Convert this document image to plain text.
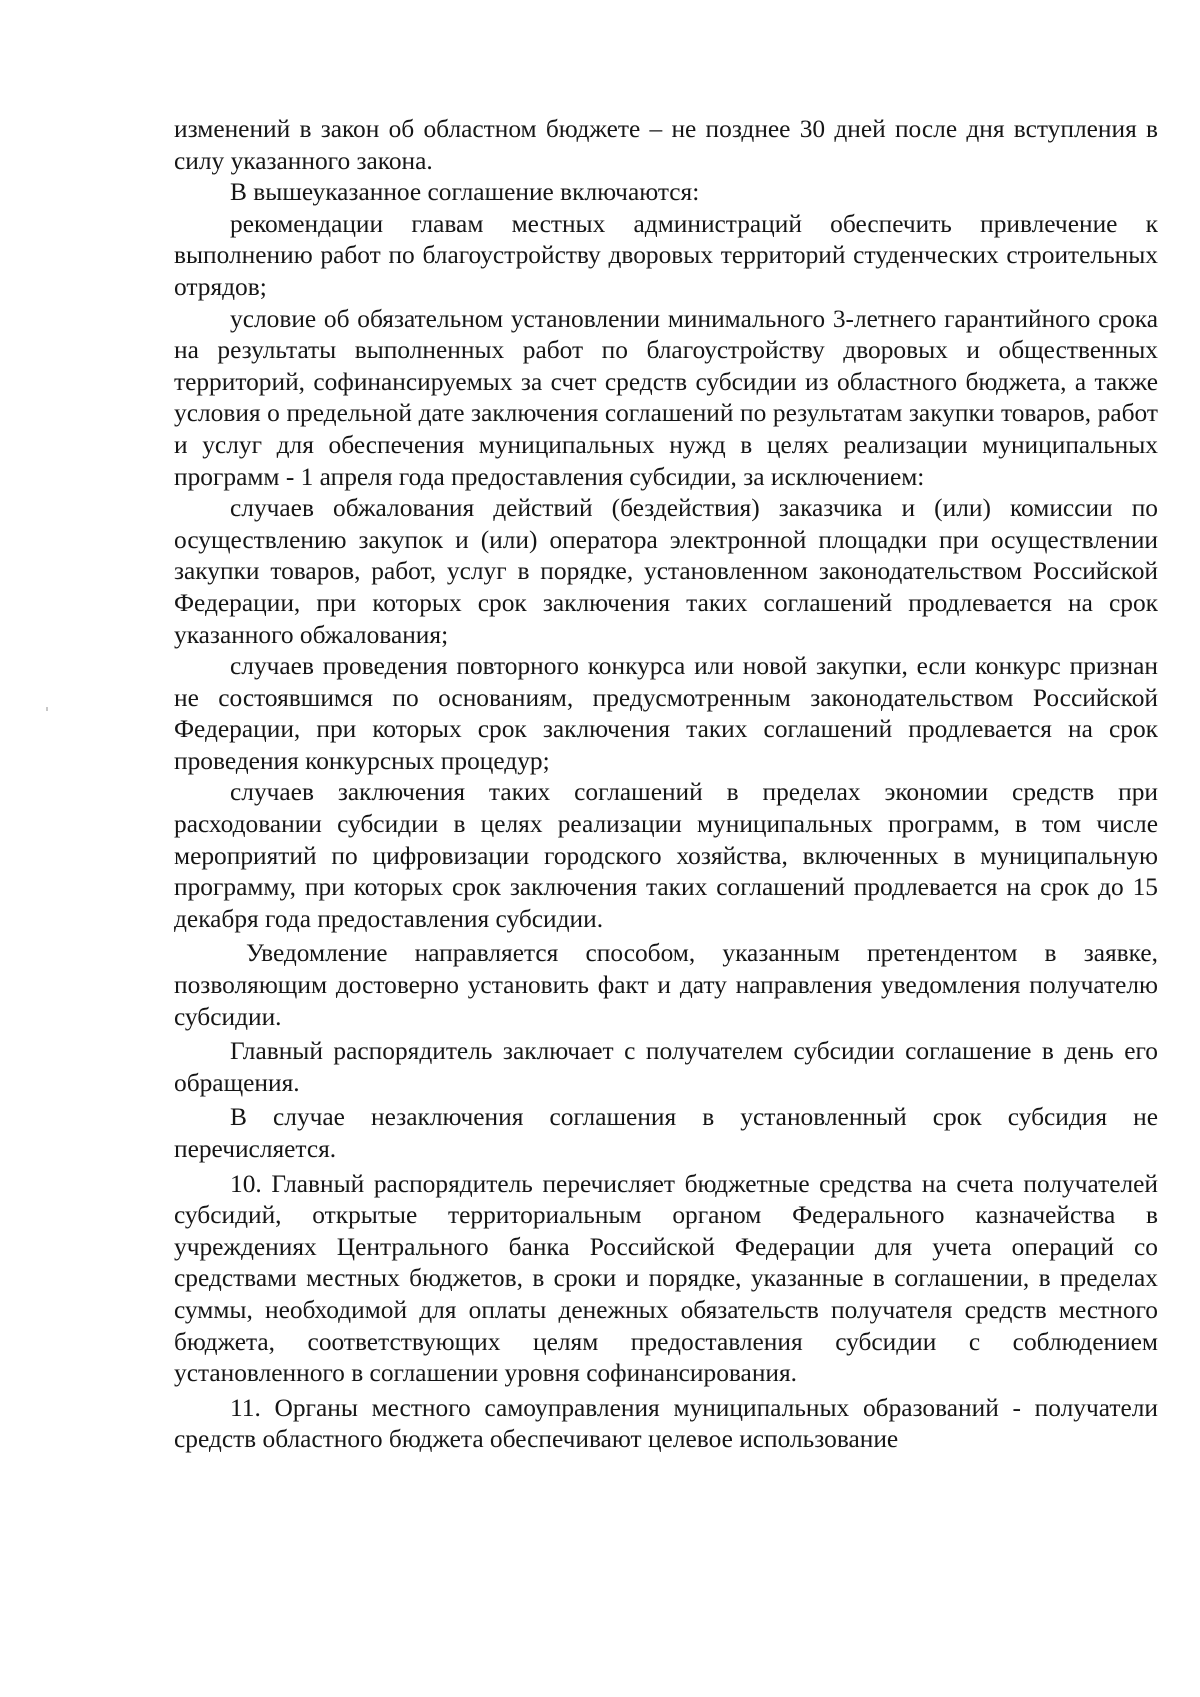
изменений в закон об областном бюджете – не позднее 30 дней после дня вступления в силу указанного закона.

В вышеуказанное соглашение включаются:

рекомендации главам местных администраций обеспечить привлечение к выполнению работ по благоустройству дворовых территорий студенческих строительных отрядов;

условие об обязательном установлении минимального 3-летнего гарантийного срока на результаты выполненных работ по благоустройству дворовых и общественных территорий, софинансируемых за счет средств субсидии из областного бюджета, а также условия о предельной дате заключения соглашений по результатам закупки товаров, работ и услуг для обеспечения муниципальных нужд в целях реализации муниципальных программ - 1 апреля года предоставления субсидии, за исключением:

случаев обжалования действий (бездействия) заказчика и (или) комиссии по осуществлению закупок и (или) оператора электронной площадки при осуществлении закупки товаров, работ, услуг в порядке, установленном законодательством Российской Федерации, при которых срок заключения таких соглашений продлевается на срок указанного обжалования;

случаев проведения повторного конкурса или новой закупки, если конкурс признан не состоявшимся по основаниям, предусмотренным законодательством Российской Федерации, при которых срок заключения таких соглашений продлевается на срок проведения конкурсных процедур;

случаев заключения таких соглашений в пределах экономии средств при расходовании субсидии в целях реализации муниципальных программ, в том числе мероприятий по цифровизации городского хозяйства, включенных в муниципальную программу, при которых срок заключения таких соглашений продлевается на срок до 15 декабря года предоставления субсидии.

Уведомление направляется способом, указанным претендентом в заявке, позволяющим достоверно установить факт и дату направления уведомления получателю субсидии.

Главный распорядитель заключает с получателем субсидии соглашение в день его обращения.

В случае незаключения соглашения в установленный срок субсидия не перечисляется.

10. Главный распорядитель перечисляет бюджетные средства на счета получателей субсидий, открытые территориальным органом Федерального казначейства в учреждениях Центрального банка Российской Федерации для учета операций со средствами местных бюджетов, в сроки и порядке, указанные в соглашении, в пределах суммы, необходимой для оплаты денежных обязательств получателя средств местного бюджета, соответствующих целям предоставления субсидии с соблюдением установленного в соглашении уровня софинансирования.

11. Органы местного самоуправления муниципальных образований - получатели средств областного бюджета обеспечивают целевое использование
